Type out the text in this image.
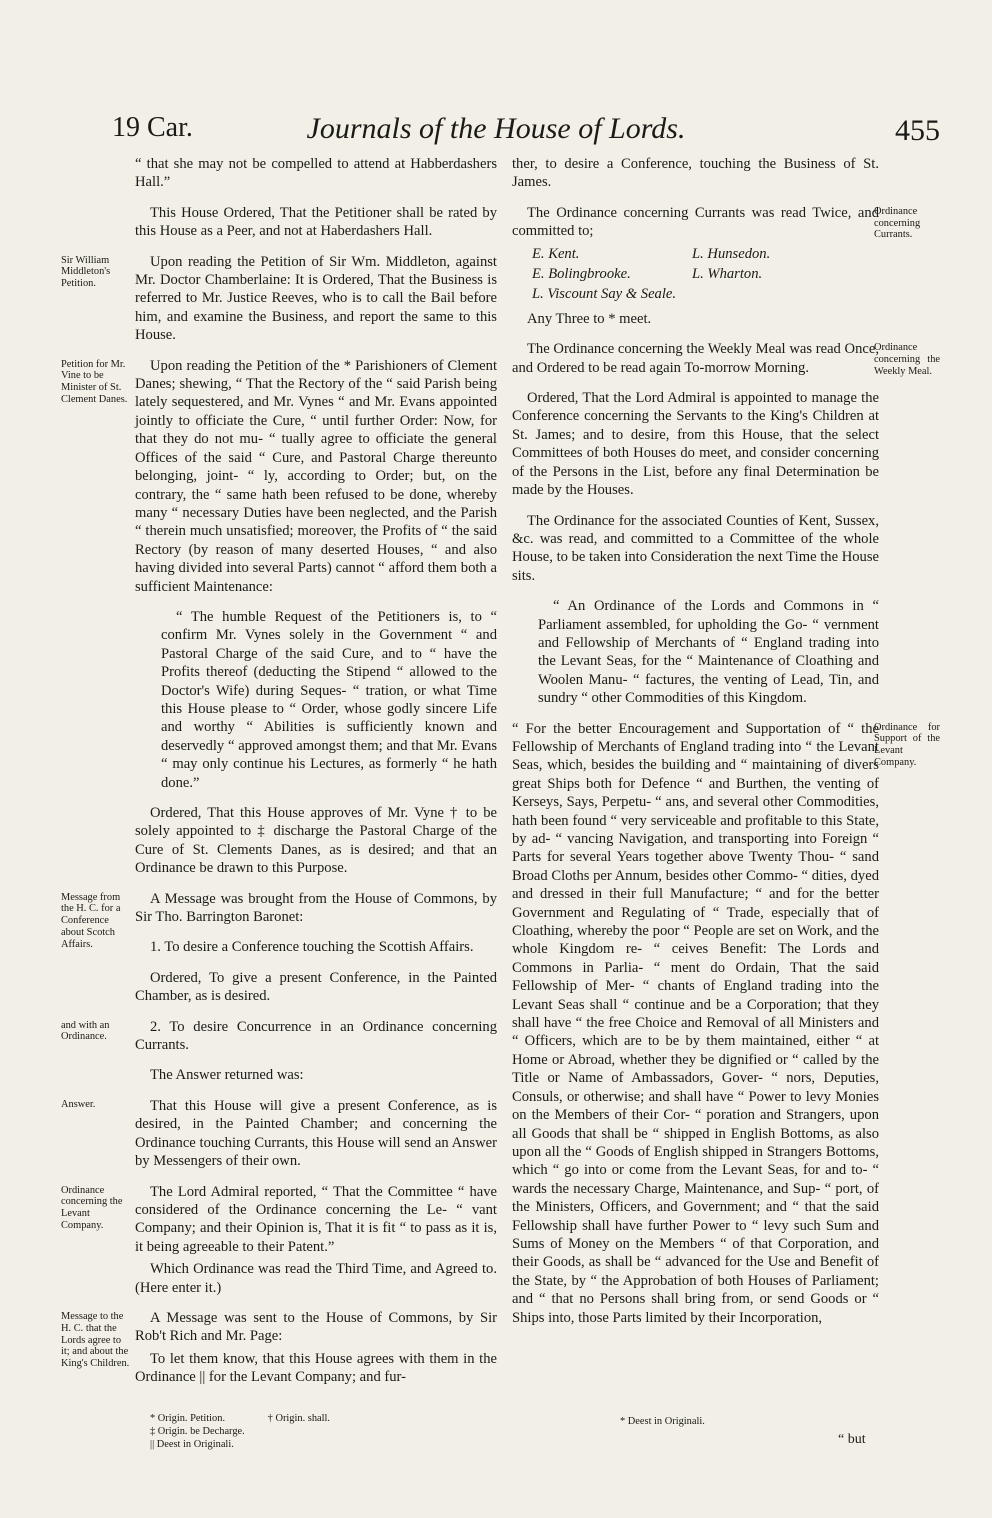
19 Car.	Journals of the House of Lords.	455

“ that she may not be compelled to attend at Habberdashers Hall.”

This House Ordered, That the Petitioner shall be rated by this House as a Peer, and not at Haberdashers Hall.

Sir William Middleton's Petition.

Upon reading the Petition of Sir Wm. Middleton, against Mr. Doctor Chamberlaine: It is Ordered, That the Business is referred to Mr. Justice Reeves, who is to call the Bail before him, and examine the Business, and report the same to this House.

Petition for Mr. Vine to be Minister of St. Clement Danes.

Upon reading the Petition of the * Parishioners of Clement Danes; shewing, “ That the Rectory of the “ said Parish being lately sequestered, and Mr. Vynes “ and Mr. Evans appointed jointly to officiate the Cure, “ until further Order: Now, for that they do not mu- “ tually agree to officiate the general Offices of the said “ Cure, and Pastoral Charge thereunto belonging, joint- “ ly, according to Order; but, on the contrary, the “ same hath been refused to be done, whereby many “ necessary Duties have been neglected, and the Parish “ therein much unsatisfied; moreover, the Profits of “ the said Rectory (by reason of many deserted Houses, “ and also having divided into several Parts) cannot “ afford them both a sufficient Maintenance:

“ The humble Request of the Petitioners is, to “ confirm Mr. Vynes solely in the Government “ and Pastoral Charge of the said Cure, and to “ have the Profits thereof (deducting the Stipend “ allowed to the Doctor's Wife) during Seques- “ tration, or what Time this House please to “ Order, whose godly sincere Life and worthy “ Abilities is sufficiently known and deservedly “ approved amongst them; and that Mr. Evans “ may only continue his Lectures, as formerly “ he hath done.”

Ordered, That this House approves of Mr. Vyne † to be solely appointed to ‡ discharge the Pastoral Charge of the Cure of St. Clements Danes, as is desired; and that an Ordinance be drawn to this Purpose.

Message from the H. C. for a Conference about Scotch Affairs.

A Message was brought from the House of Commons, by Sir Tho. Barrington Baronet:

1. To desire a Conference touching the Scottish Affairs.

Ordered, To give a present Conference, in the Painted Chamber, as is desired.

and with an Ordinance.

2. To desire Concurrence in an Ordinance concerning Currants.

The Answer returned was:

Answer.	That this House will give a present Conference, as is desired, in the Painted Chamber; and concerning the Ordinance touching Currants, this House will send an Answer by Messengers of their own.

Ordinance concerning the Levant Company.

The Lord Admiral reported, “ That the Committee “ have considered of the Ordinance concerning the Le- “ vant Company; and their Opinion is, That it is fit “ to pass as it is, it being agreeable to their Patent.”

Which Ordinance was read the Third Time, and Agreed to. (Here enter it.)

Message to the H. C. that the Lords agree to it; and about the King's Children.

A Message was sent to the House of Commons, by Sir Rob't Rich and Mr. Page:

To let them know, that this House agrees with them in the Ordinance || for the Levant Company; and fur-

ther, to desire a Conference, touching the Business of St. James.

Ordinance concerning Currants.

The Ordinance concerning Currants was read Twice, and committed to;

E. Kent.	L. Hunsedon.
E. Bolingbrooke.	L. Wharton.
L. Viscount Say & Seale.

Any Three to * meet.

Ordinance concerning the Weekly Meal.

The Ordinance concerning the Weekly Meal was read Once, and Ordered to be read again To-morrow Morning.

Ordered, That the Lord Admiral is appointed to manage the Conference concerning the Servants to the King's Children at St. James; and to desire, from this House, that the select Committees of both Houses do meet, and consider concerning of the Persons in the List, before any final Determination be made by the Houses.

The Ordinance for the associated Counties of Kent, Sussex, &c. was read, and committed to a Committee of the whole House, to be taken into Consideration the next Time the House sits.

“ An Ordinance of the Lords and Commons in “ Parliament assembled, for upholding the Go- “ vernment and Fellowship of Merchants of “ England trading into the Levant Seas, for the “ Maintenance of Cloathing and Woolen Manu- “ factures, the venting of Lead, Tin, and sundry “ other Commodities of this Kingdom.

Ordinance for Support of the Levant Company.

“ For the better Encouragement and Supportation of “ the Fellowship of Merchants of England trading into “ the Levant Seas, which, besides the building and “ maintaining of divers great Ships both for Defence “ and Burthen, the venting of Kerseys, Says, Perpetu- “ ans, and several other Commodities, hath been found “ very serviceable and profitable to this State, by ad- “ vancing Navigation, and transporting into Foreign “ Parts for several Years together above Twenty Thou- “ sand Broad Cloths per Annum, besides other Commo- “ dities, dyed and dressed in their full Manufacture; “ and for the better Government and Regulating of “ Trade, especially that of Cloathing, whereby the poor “ People are set on Work, and the whole Kingdom re- “ ceives Benefit: The Lords and Commons in Parlia- “ ment do Ordain, That the said Fellowship of Mer- “ chants of England trading into the Levant Seas shall “ continue and be a Corporation; that they shall have “ the free Choice and Removal of all Ministers and “ Officers, which are to be by them maintained, either “ at Home or Abroad, whether they be dignified or “ called by the Title or Name of Ambassadors, Gover- “ nors, Deputies, Consuls, or otherwise; and shall have “ Power to levy Monies on the Members of their Cor- “ poration and Strangers, upon all Goods that shall be “ shipped in English Bottoms, as also upon all the “ Goods of English shipped in Strangers Bottoms, which “ go into or come from the Levant Seas, for and to- “ wards the necessary Charge, Maintenance, and Sup- “ port, of the Ministers, Officers, and Government; and “ that the said Fellowship shall have further Power to “ levy such Sum and Sums of Money on the Members “ of that Corporation, and their Goods, as shall be “ advanced for the Use and Benefit of the State, by “ the Approbation of both Houses of Parliament; and “ that no Persons shall bring from, or send Goods or “ Ships into, those Parts limited by their Incorporation,

* Origin. Petition.	† Origin. shall. ‡ Origin. be Decharge.
|| Deest in Originali.
* Deest in Originali.
“ but
